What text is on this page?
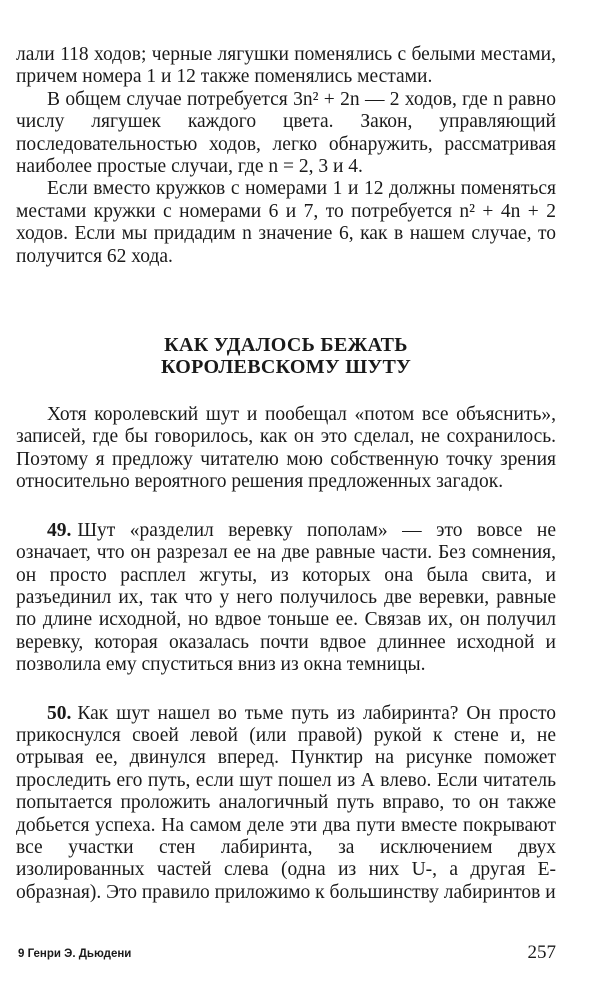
лали 118 ходов; черные лягушки поменялись с белыми местами, причем номера 1 и 12 также поменялись местами.

В общем случае потребуется 3n² + 2n — 2 ходов, где n равно числу лягушек каждого цвета. Закон, управляющий последовательностью ходов, легко обнаружить, рассматривая наиболее простые случаи, где n = 2, 3 и 4.

Если вместо кружков с номерами 1 и 12 должны поменяться местами кружки с номерами 6 и 7, то потребуется n² + 4n + 2 ходов. Если мы придадим n значение 6, как в нашем случае, то получится 62 хода.

КАК УДАЛОСЬ БЕЖАТЬ
КОРОЛЕВСКОМУ ШУТУ

Хотя королевский шут и пообещал «потом все объяснить», записей, где бы говорилось, как он это сделал, не сохранилось. Поэтому я предложу читателю мою собственную точку зрения относительно вероятного решения предложенных загадок.

49. Шут «разделил веревку пополам» — это вовсе не означает, что он разрезал ее на две равные части. Без сомнения, он просто расплел жгуты, из которых она была свита, и разъединил их, так что у него получилось две веревки, равные по длине исходной, но вдвое тоньше ее. Связав их, он получил веревку, которая оказалась почти вдвое длиннее исходной и позволила ему спуститься вниз из окна темницы.

50. Как шут нашел во тьме путь из лабиринта? Он просто прикоснулся своей левой (или правой) рукой к стене и, не отрывая ее, двинулся вперед. Пунктир на рисунке поможет проследить его путь, если шут пошел из А влево. Если читатель попытается проложить аналогичный путь вправо, то он также добьется успеха. На самом деле эти два пути вместе покрывают все участки стен лабиринта, за исключением двух изолированных частей слева (одна из них U-, а другая E-образная). Это правило приложимо к большинству лабиринтов и

9 Генри Э. Дьюдени	257
